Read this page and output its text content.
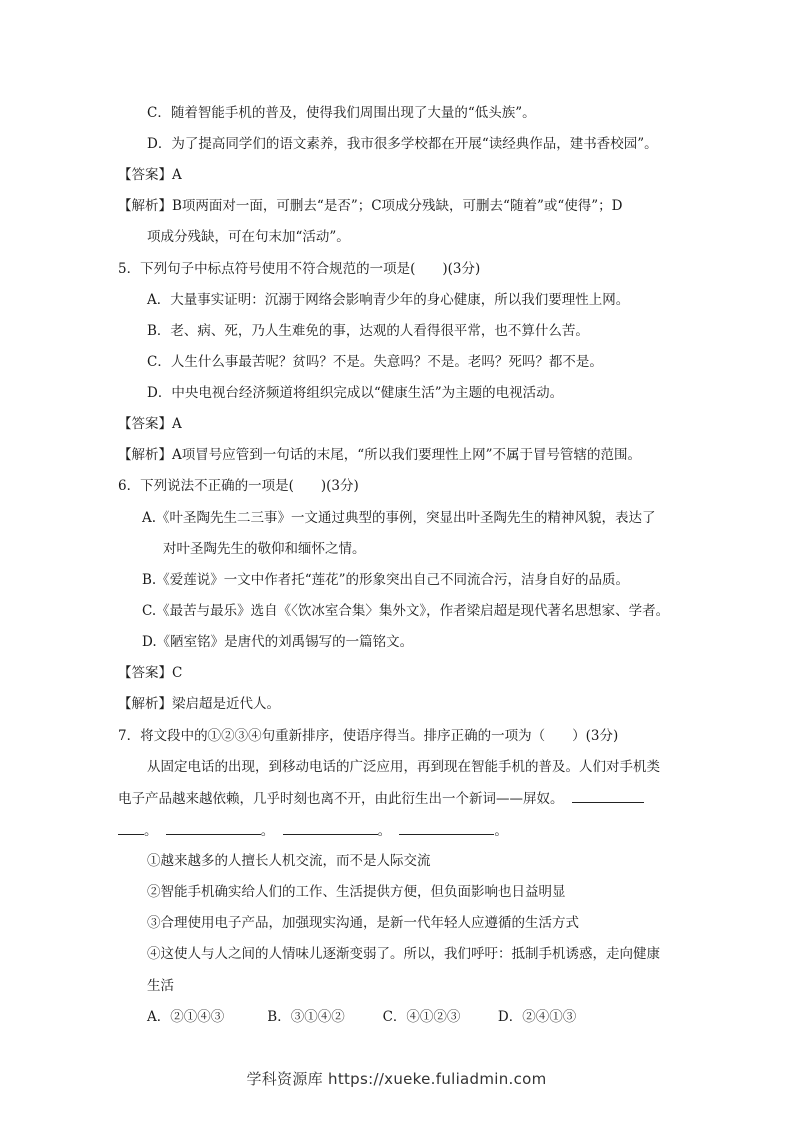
C．随着智能手机的普及，使得我们周围出现了大量的“低头族”。
D．为了提高同学们的语文素养，我市很多学校都在开展“读经典作品，建书香校园”。
【答案】A
【解析】B项两面对一面，可删去“是否”；C项成分残缺，可删去“随着”或“使得”；D
项成分残缺，可在句末加“活动”。
5．下列句子中标点符号使用不符合规范的一项是(　　)(3分)
A．大量事实证明：沉溺于网络会影响青少年的身心健康，所以我们要理性上网。
B．老、病、死，乃人生难免的事，达观的人看得很平常，也不算什么苦。
C．人生什么事最苦呢？贫吗？不是。失意吗？不是。老吗？死吗？都不是。
D．中央电视台经济频道将组织完成以“健康生活”为主题的电视活动。
【答案】A
【解析】A项冒号应管到一句话的末尾，“所以我们要理性上网”不属于冒号管辖的范围。
6．下列说法不正确的一项是(　　)(3分)
A.《叶圣陶先生二三事》一文通过典型的事例，突显出叶圣陶先生的精神风貌，表达了
对叶圣陶先生的敬仰和缅怀之情。
B.《爱莲说》一文中作者托“莲花”的形象突出自己不同流合污，洁身自好的品质。
C.《最苦与最乐》选自《〈饮冰室合集〉集外文》，作者梁启超是现代著名思想家、学者。
D.《陋室铭》是唐代的刘禹锡写的一篇铭文。
【答案】C
【解析】梁启超是近代人。
7．将文段中的①②③④句重新排序，使语序得当。排序正确的一项为（　　）(3分)
从固定电话的出现，到移动电话的广泛应用，再到现在智能手机的普及。人们对手机类
电子产品越来越依赖，几乎时刻也离不开，由此衍生出一个新词——屏奴。
。	。	。	。
①越来越多的人擅长人机交流，而不是人际交流
②智能手机确实给人们的工作、生活提供方便，但负面影响也日益明显
③合理使用电子产品，加强现实沟通，是新一代年轻人应遵循的生活方式
④这使人与人之间的人情味儿逐渐变弱了。所以，我们呼吁：抵制手机诱惑，走向健康
生活
A．②①④③	B．③①④②	C．④①②③	D．②④①③
学科资源库 https://xueke.fuliadmin.com
